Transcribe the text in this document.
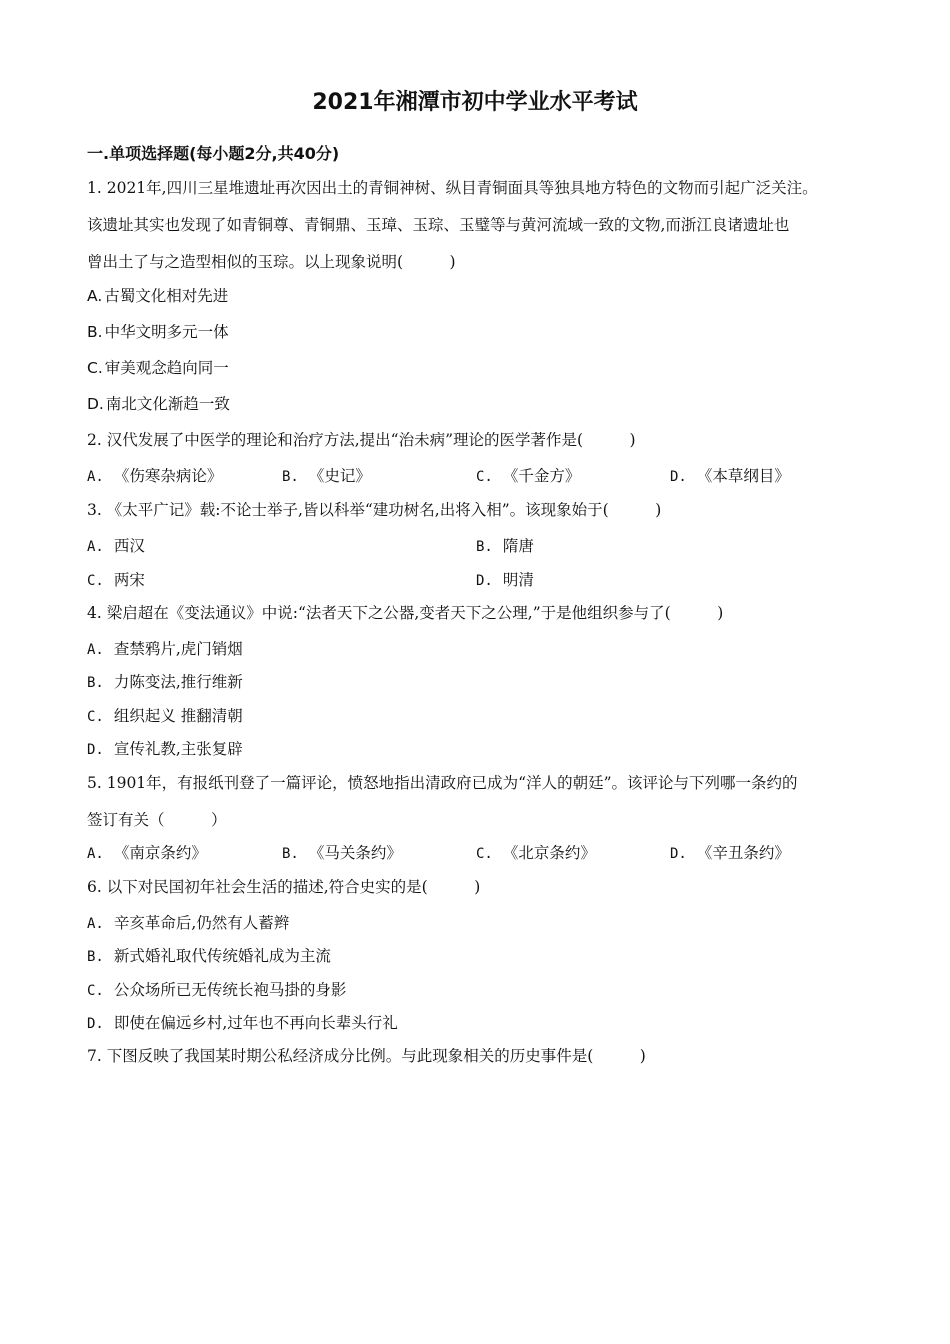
2021年湘潭市初中学业水平考试
一.单项选择题(每小题2分,共40分)
1. 2021年,四川三星堆遗址再次因出土的青铜神树、纵目青铜面具等独具地方特色的文物而引起广泛关注。
该遗址其实也发现了如青铜尊、青铜鼎、玉璋、玉琮、玉璧等与黄河流域一致的文物,而浙江良诸遗址也
曾出土了与之造型相似的玉琮。以上现象说明(　　　)
A. 古蜀文化相对先进
B. 中华文明多元一体
C. 审美观念趋向同一
D. 南北文化渐趋一致
2. 汉代发展了中医学的理论和治疗方法,提出“治未病”理论的医学著作是(　　　)
A. 《伤寒杂病论》	B. 《史记》	C. 《千金方》	D. 《本草纲目》
3. 《太平广记》载:不论士举子,皆以科举“建功树名,出将入相”。该现象始于(　　　)
A. 西汉	B. 隋唐
C. 两宋	D. 明清
4. 梁启超在《变法通议》中说:“法者天下之公器,变者天下之公理,”于是他组织参与了(　　　)
A. 查禁鸦片,虎门销烟
B. 力陈变法,推行维新
C. 组织起义 推翻清朝
D. 宣传礼教,主张复辟
5. 1901年，有报纸刊登了一篇评论，愤怒地指出清政府已成为“洋人的朝廷”。该评论与下列哪一条约的
签订有关（　　　）
A. 《南京条约》	B. 《马关条约》	C. 《北京条约》	D. 《辛丑条约》
6. 以下对民国初年社会生活的描述,符合史实的是(　　　)
A. 辛亥革命后,仍然有人蓄辫
B. 新式婚礼取代传统婚礼成为主流
C. 公众场所已无传统长袍马掛的身影
D. 即使在偏远乡村,过年也不再向长辈头行礼
7. 下图反映了我国某时期公私经济成分比例。与此现象相关的历史事件是(　　　)
